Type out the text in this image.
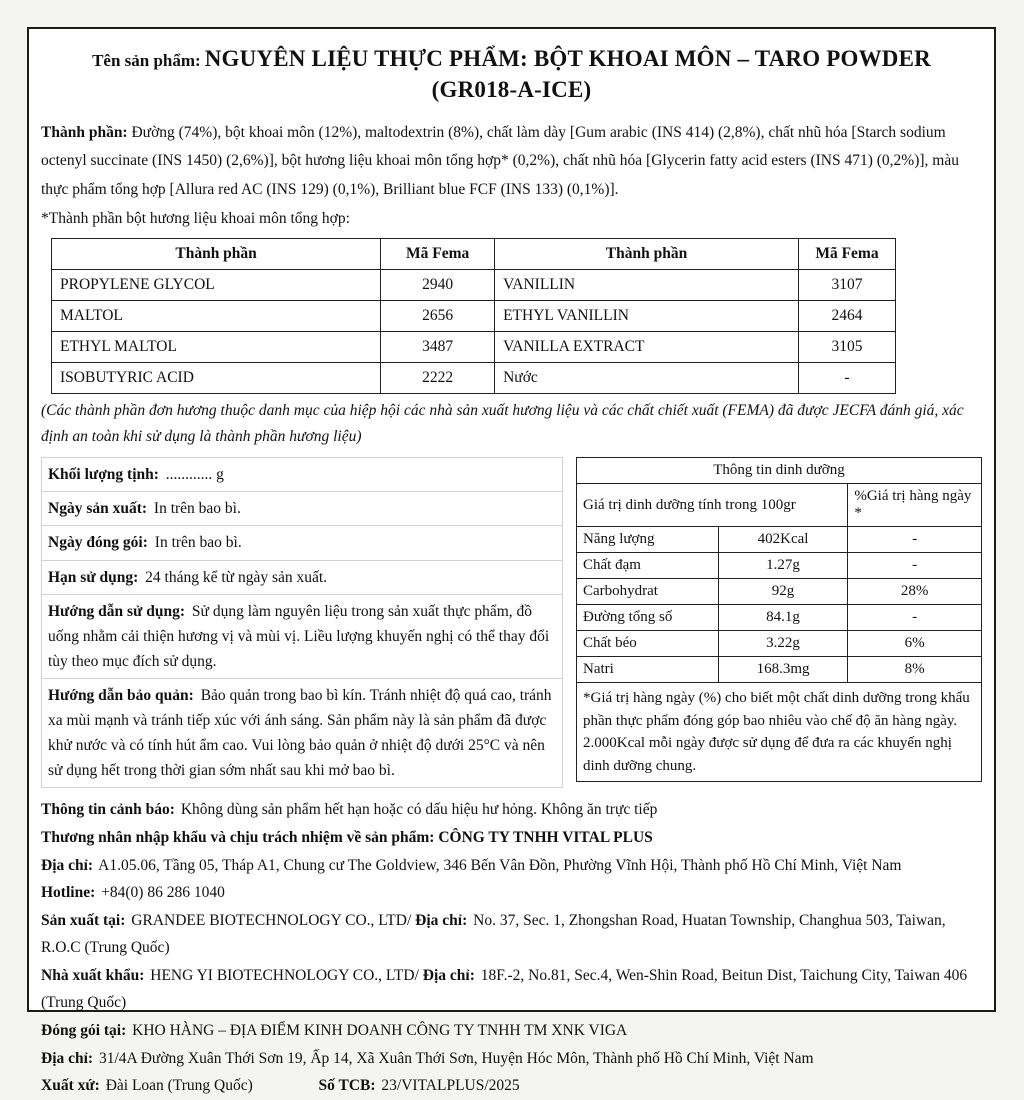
Tên sản phẩm: NGUYÊN LIỆU THỰC PHẨM: BỘT KHOAI MÔN – TARO POWDER
(GR018-A-ICE)
Thành phần: Đường (74%), bột khoai môn (12%), maltodextrin (8%), chất làm dày [Gum arabic (INS 414) (2,8%), chất nhũ hóa [Starch sodium octenyl succinate (INS 1450) (2,6%)], bột hương liệu khoai môn tổng hợp* (0,2%), chất nhũ hóa [Glycerin fatty acid esters (INS 471) (0,2%)], màu thực phẩm tổng hợp [Allura red AC (INS 129) (0,1%), Brilliant blue FCF (INS 133) (0,1%)].
*Thành phần bột hương liệu khoai môn tổng hợp:
Thành phần	Mã Fema	Thành phần	Mã Fema
PROPYLENE GLYCOL	2940	VANILLIN	3107
MALTOL	2656	ETHYL VANILLIN	2464
ETHYL MALTOL	3487	VANILLA EXTRACT	3105
ISOBUTYRIC ACID	2222	Nước	-
(Các thành phần đơn hương thuộc danh mục của hiệp hội các nhà sản xuất hương liệu và các chất chiết xuất (FEMA) đã được JECFA đánh giá, xác định an toàn khi sử dụng là thành phần hương liệu)
Khối lượng tịnh: ............ g
Ngày sản xuất: In trên bao bì.
Ngày đóng gói: In trên bao bì.
Hạn sử dụng: 24 tháng kể từ ngày sản xuất.
Hướng dẫn sử dụng: Sử dụng làm nguyên liệu trong sản xuất thực phẩm, đồ uống nhằm cải thiện hương vị và mùi vị. Liều lượng khuyến nghị có thể thay đổi tùy theo mục đích sử dụng.
Hướng dẫn bảo quản: Bảo quản trong bao bì kín. Tránh nhiệt độ quá cao, tránh xa mùi mạnh và tránh tiếp xúc với ánh sáng. Sản phẩm này là sản phẩm đã được khử nước và có tính hút ẩm cao. Vui lòng bảo quản ở nhiệt độ dưới 25°C và nên sử dụng hết trong thời gian sớm nhất sau khi mở bao bì.
Thông tin dinh dưỡng		
Giá trị dinh dưỡng tính trong 100gr		%Giá trị hàng ngày *
Năng lượng	402Kcal	-
Chất đạm	1.27g	-
Carbohydrat	92g	28%
Đường tổng số	84.1g	-
Chất béo	3.22g	6%
Natri	168.3mg	8%
*Giá trị hàng ngày (%) cho biết một chất dinh dưỡng trong khẩu phần thực phẩm đóng góp bao nhiêu vào chế độ ăn hàng ngày. 2.000Kcal mỗi ngày được sử dụng để đưa ra các khuyến nghị dinh dưỡng chung.		
Thông tin cảnh báo: Không dùng sản phẩm hết hạn hoặc có dấu hiệu hư hỏng. Không ăn trực tiếp
Thương nhân nhập khẩu và chịu trách nhiệm về sản phẩm: CÔNG TY TNHH VITAL PLUS
Địa chỉ: A1.05.06, Tầng 05, Tháp A1, Chung cư The Goldview, 346 Bến Vân Đồn, Phường Vĩnh Hội, Thành phố Hồ Chí Minh, Việt Nam
Hotline: +84(0) 86 286 1040
Sản xuất tại: GRANDEE BIOTECHNOLOGY CO., LTD/ Địa chỉ: No. 37, Sec. 1, Zhongshan Road, Huatan Township, Changhua 503, Taiwan, R.O.C (Trung Quốc)
Nhà xuất khẩu: HENG YI BIOTECHNOLOGY CO., LTD/ Địa chỉ: 18F.-2, No.81, Sec.4, Wen-Shin Road, Beitun Dist, Taichung City, Taiwan 406 (Trung Quốc)
Đóng gói tại: KHO HÀNG – ĐỊA ĐIỂM KINH DOANH CÔNG TY TNHH TM XNK VIGA
Địa chỉ: 31/4A Đường Xuân Thới Sơn 19, Ấp 14, Xã Xuân Thới Sơn, Huyện Hóc Môn, Thành phố Hồ Chí Minh, Việt Nam
Xuất xứ: Đài Loan (Trung Quốc)	Số TCB: 23/VITALPLUS/2025
